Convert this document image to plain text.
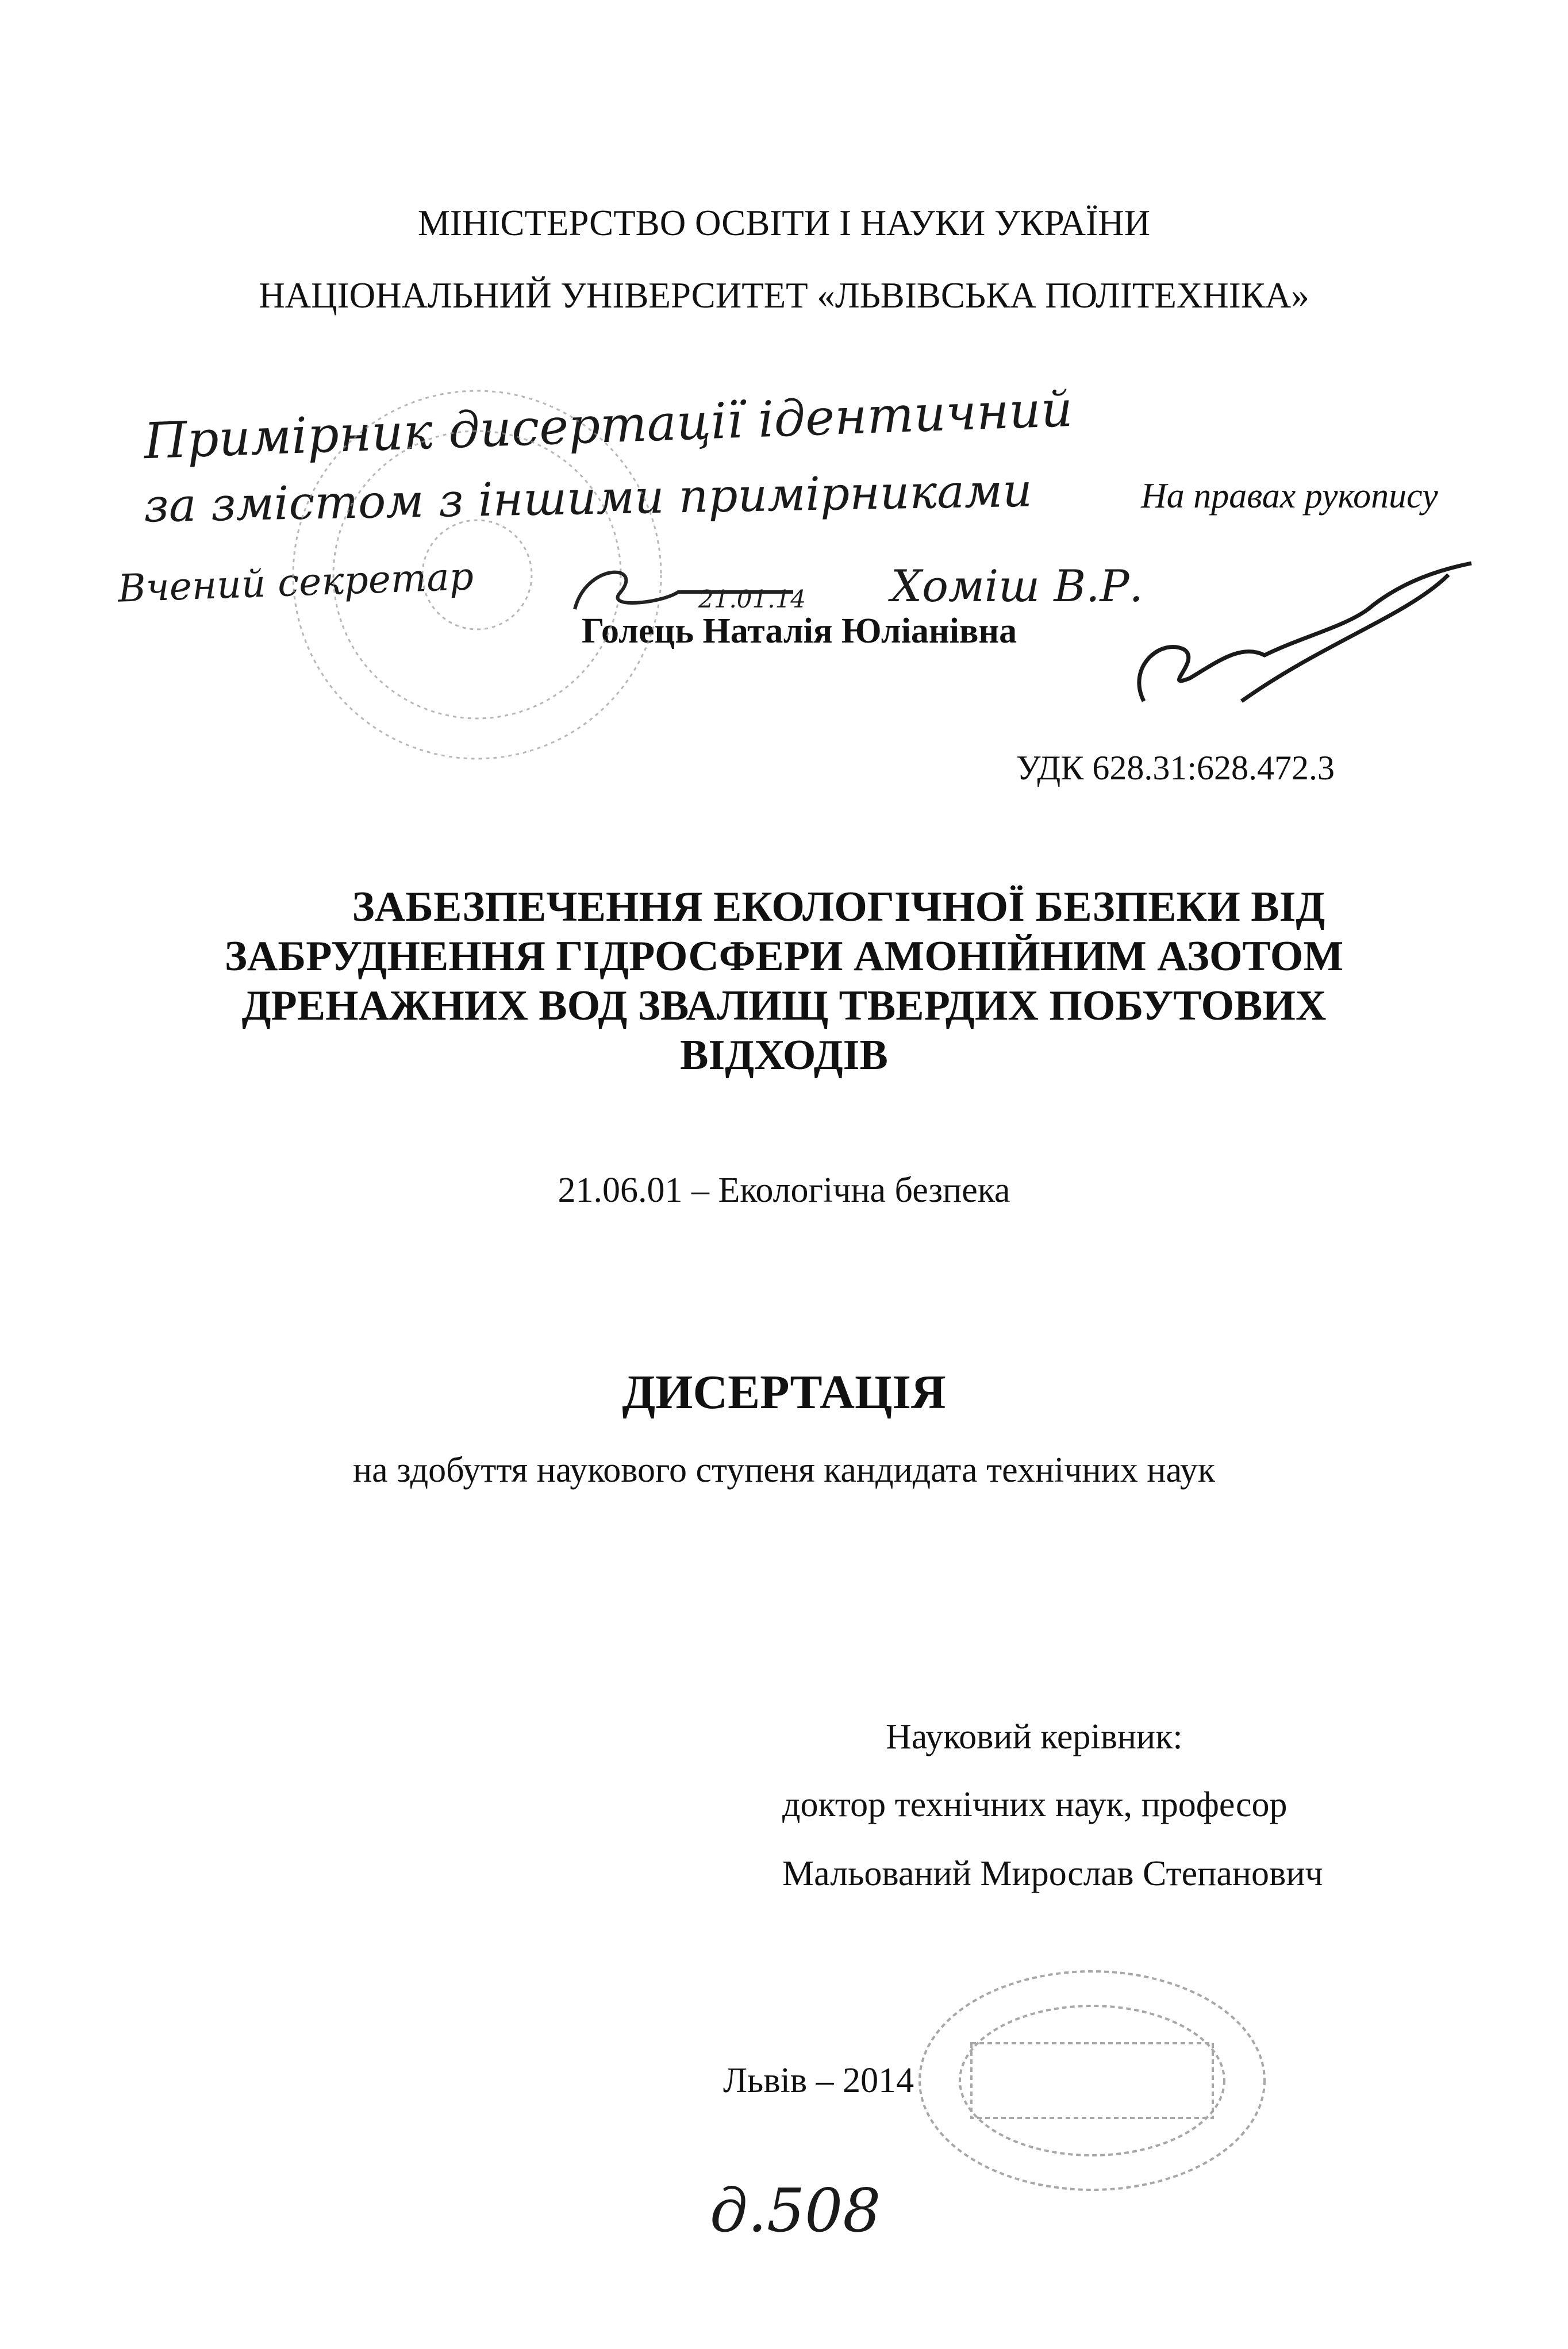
МІНІСТЕРСТВО ОСВІТИ І НАУКИ УКРАЇНИ
НАЦІОНАЛЬНИЙ УНІВЕРСИТЕТ «ЛЬВІВСЬКА ПОЛІТЕХНІКА»
Примірник дисертації ідентичний
за змістом з іншими примірниками
Вчений секретар	Хоміш В.Р.
21.01.14
На правах рукопису
Голець Наталія Юліанівна
УДК 628.31:628.472.3
ЗАБЕЗПЕЧЕННЯ ЕКОЛОГІЧНОЇ БЕЗПЕКИ ВІД
ЗАБРУДНЕННЯ ГІДРОСФЕРИ АМОНІЙНИМ АЗОТОМ
ДРЕНАЖНИХ ВОД ЗВАЛИЩ ТВЕРДИХ ПОБУТОВИХ
ВІДХОДІВ
21.06.01 – Екологічна безпека
ДИСЕРТАЦІЯ
на здобуття наукового ступеня кандидата технічних наук
Науковий керівник:
доктор технічних наук, професор
Мальований Мирослав Степанович
Львів – 2014
д.508
